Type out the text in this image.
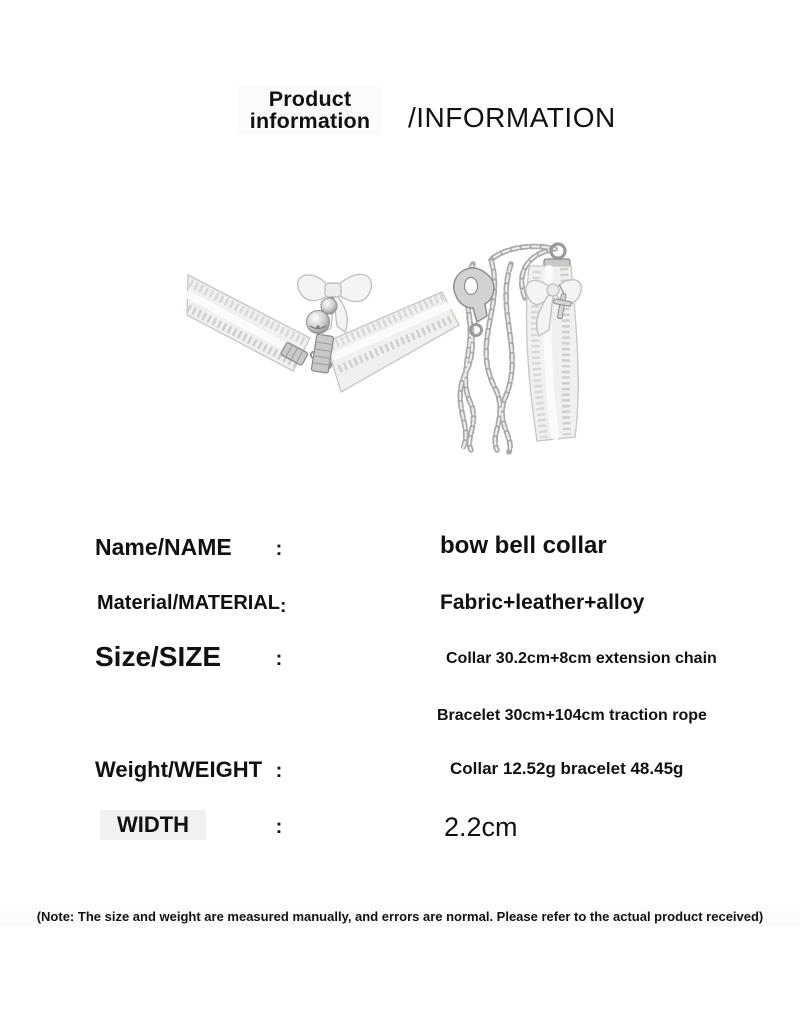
Product
information	/INFORMATION
Name/NAME :	bow bell collar
Material/MATERIAL:	Fabric+leather+alloy
Size/SIZE	:	Collar 30.2cm+8cm extension chain
Bracelet 30cm+104cm traction rope
Weight/WEIGHT :	Collar 12.52g bracelet 48.45g
WIDTH	:	2.2cm
(Note: The size and weight are measured manually, and errors are normal. Please refer to the actual product received)
